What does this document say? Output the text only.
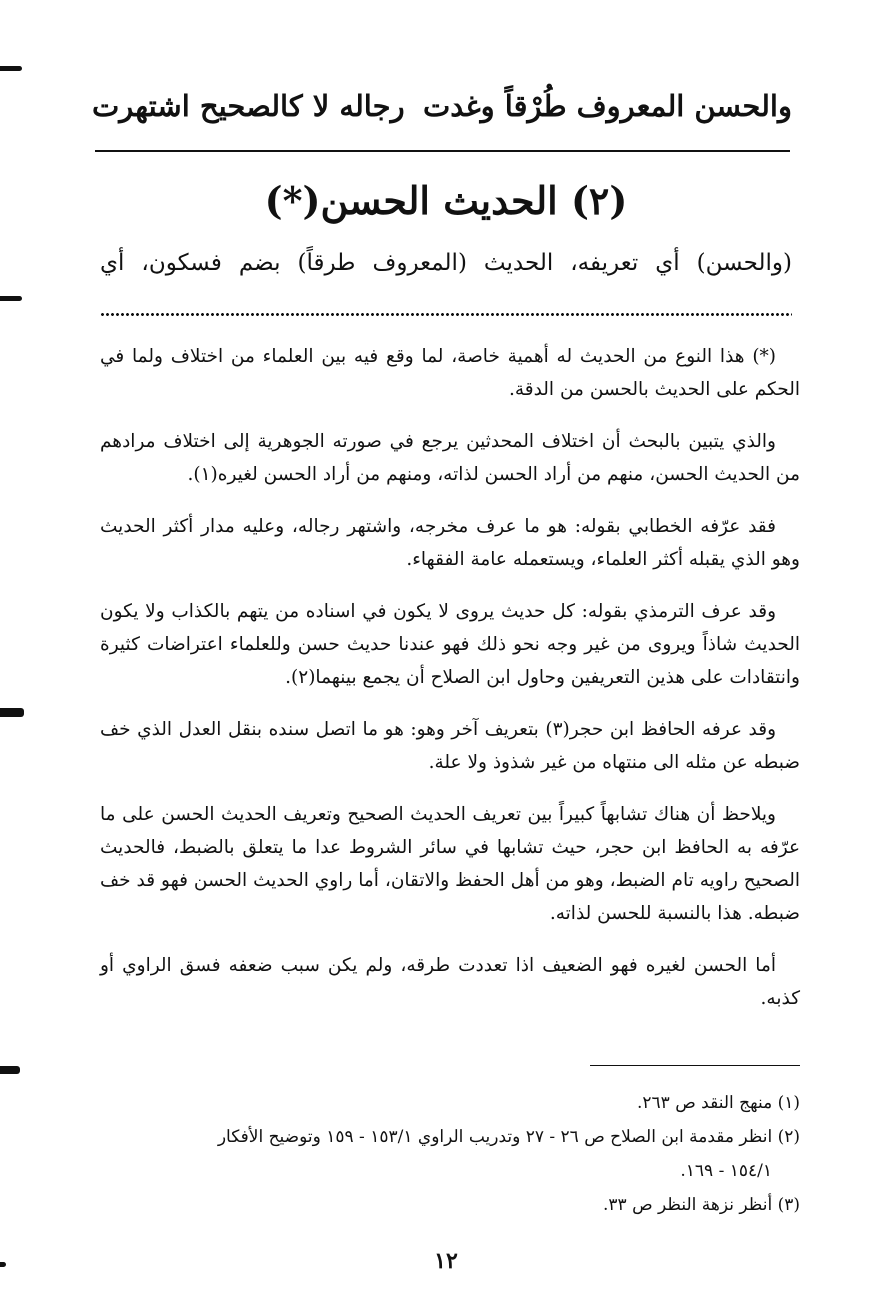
والحسن المعروف طُرْقاً وغدت
رجاله لا كالصحيح اشتهرت
(٢) الحديث الحسن(*)
(والحسن) أي تعريفه، الحديث (المعروف طرقاً) بضم فسكون، أي

(*) هذا النوع من الحديث له أهمية خاصة، لما وقع فيه بين العلماء من اختلاف ولما في الحكم على الحديث بالحسن من الدقة.

والذي يتبين بالبحث أن اختلاف المحدثين يرجع في صورته الجوهرية إلى اختلاف مرادهم من الحديث الحسن، منهم من أراد الحسن لذاته، ومنهم من أراد الحسن لغيره(١).

فقد عرّفه الخطابي بقوله: هو ما عرف مخرجه، واشتهر رجاله، وعليه مدار أكثر الحديث وهو الذي يقبله أكثر العلماء، ويستعمله عامة الفقهاء.

وقد عرف الترمذي بقوله: كل حديث يروى لا يكون في اسناده من يتهم بالكذاب ولا يكون الحديث شاذاً ويروى من غير وجه نحو ذلك فهو عندنا حديث حسن وللعلماء اعتراضات كثيرة وانتقادات على هذين التعريفين وحاول ابن الصلاح أن يجمع بينهما(٢).

وقد عرفه الحافظ ابن حجر(٣) بتعريف آخر وهو: هو ما اتصل سنده بنقل العدل الذي خف ضبطه عن مثله الى منتهاه من غير شذوذ ولا علة.

ويلاحظ أن هناك تشابهاً كبيراً بين تعريف الحديث الصحيح وتعريف الحديث الحسن على ما عرّفه به الحافظ ابن حجر، حيث تشابها في سائر الشروط عدا ما يتعلق بالضبط، فالحديث الصحيح راويه تام الضبط، وهو من أهل الحفظ والاتقان، أما راوي الحديث الحسن فهو قد خف ضبطه. هذا بالنسبة للحسن لذاته.

أما الحسن لغيره فهو الضعيف اذا تعددت طرقه، ولم يكن سبب ضعفه فسق الراوي أو كذبه.

(١) منهج النقد ص ٢٦٣.
(٢) انظر مقدمة ابن الصلاح ص ٢٦ - ٢٧ وتدريب الراوي ١٥٣/١ - ١٥٩ وتوضيح الأفكار
١٥٤/١ - ١٦٩.
(٣) أنظر نزهة النظر ص ٣٣.
١٢
